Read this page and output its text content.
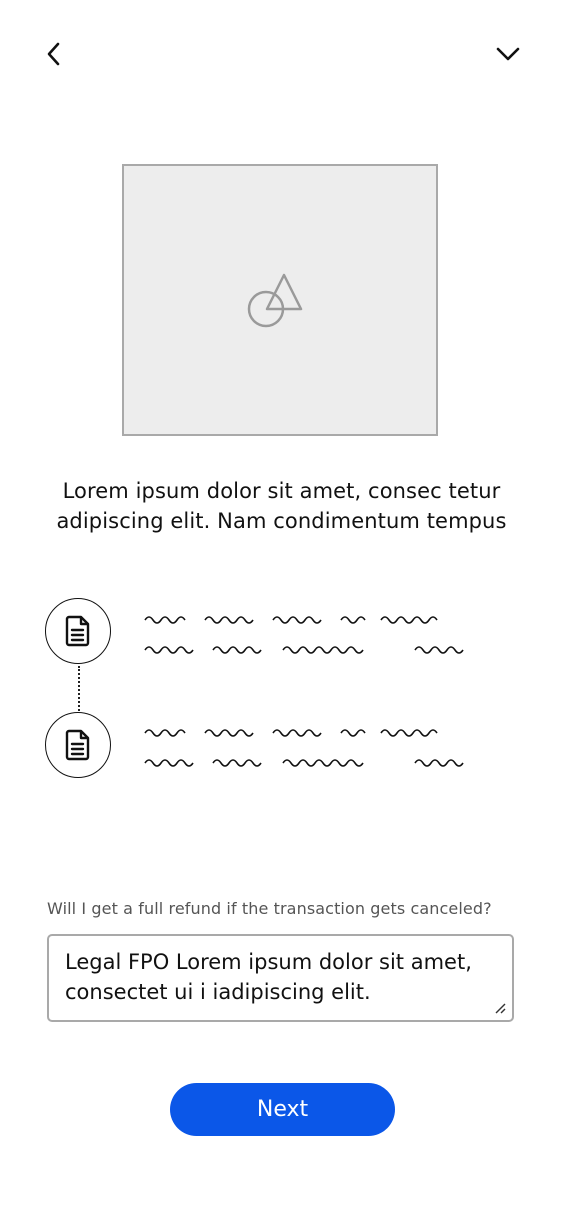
Lorem ipsum dolor sit amet, consec tetur
adipiscing elit. Nam condimentum tempus
Will I get a full refund if the transaction gets canceled?
Legal FPO Lorem ipsum dolor sit amet,
consectet ui i iadipiscing elit.
Next
